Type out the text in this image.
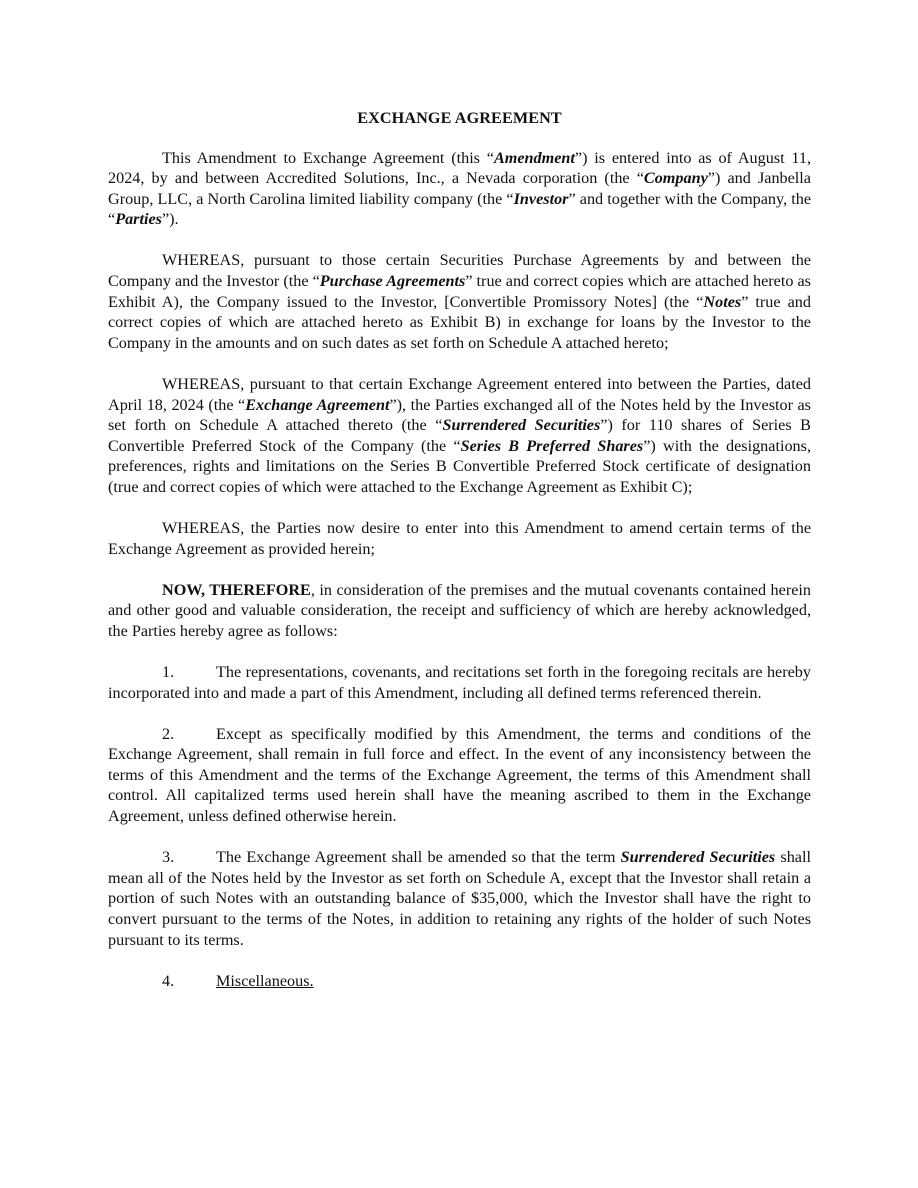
EXCHANGE AGREEMENT

This Amendment to Exchange Agreement (this “Amendment”) is entered into as of August 11, 2024, by and between Accredited Solutions, Inc., a Nevada corporation (the “Company”) and Janbella Group, LLC, a North Carolina limited liability company (the “Investor” and together with the Company, the “Parties”).

WHEREAS, pursuant to those certain Securities Purchase Agreements by and between the Company and the Investor (the “Purchase Agreements” true and correct copies which are attached hereto as Exhibit A), the Company issued to the Investor, [Convertible Promissory Notes] (the “Notes” true and correct copies of which are attached hereto as Exhibit B) in exchange for loans by the Investor to the Company in the amounts and on such dates as set forth on Schedule A attached hereto;

WHEREAS, pursuant to that certain Exchange Agreement entered into between the Parties, dated April 18, 2024 (the “Exchange Agreement”), the Parties exchanged all of the Notes held by the Investor as set forth on Schedule A attached thereto (the “Surrendered Securities”) for 110 shares of Series B Convertible Preferred Stock of the Company (the “Series B Preferred Shares”) with the designations, preferences, rights and limitations on the Series B Convertible Preferred Stock certificate of designation (true and correct copies of which were attached to the Exchange Agreement as Exhibit C);

WHEREAS, the Parties now desire to enter into this Amendment to amend certain terms of the Exchange Agreement as provided herein;

NOW, THEREFORE, in consideration of the premises and the mutual covenants contained herein and other good and valuable consideration, the receipt and sufficiency of which are hereby acknowledged, the Parties hereby agree as follows:

1.	The representations, covenants, and recitations set forth in the foregoing recitals are hereby incorporated into and made a part of this Amendment, including all defined terms referenced therein.

2.	Except as specifically modified by this Amendment, the terms and conditions of the Exchange Agreement, shall remain in full force and effect. In the event of any inconsistency between the terms of this Amendment and the terms of the Exchange Agreement, the terms of this Amendment shall control. All capitalized terms used herein shall have the meaning ascribed to them in the Exchange Agreement, unless defined otherwise herein.

3.	The Exchange Agreement shall be amended so that the term Surrendered Securities shall mean all of the Notes held by the Investor as set forth on Schedule A, except that the Investor shall retain a portion of such Notes with an outstanding balance of $35,000, which the Investor shall have the right to convert pursuant to the terms of the Notes, in addition to retaining any rights of the holder of such Notes pursuant to its terms.

4.	Miscellaneous.
